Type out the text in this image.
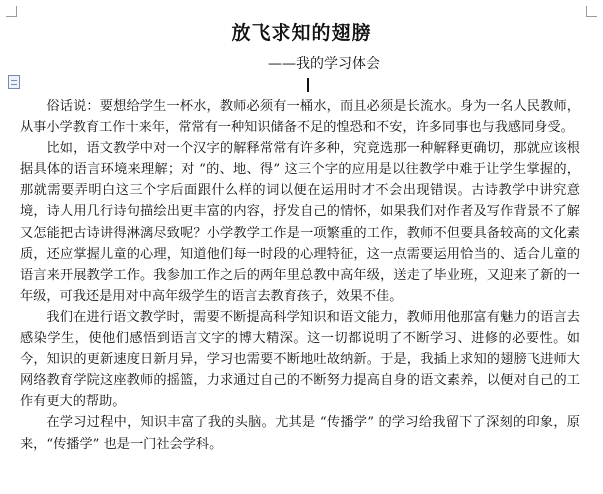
放飞求知的翅膀
——我的学习体会

俗话说：要想给学生一杯水，教师必须有一桶水，而且必须是长流水。身为一名人民教师，从事小学教育工作十来年，常常有一种知识储备不足的惶恐和不安，许多同事也与我感同身受。

比如，语文教学中对一个汉字的解释常常有许多种，究竟选那一种解释更确切，那就应该根据具体的语言环境来理解；对 “的、地、得” 这三个字的应用是以往教学中难于让学生掌握的，那就需要弄明白这三个字后面跟什么样的词以便在运用时才不会出现错误。古诗教学中讲究意境，诗人用几行诗句描绘出更丰富的内容，抒发自己的情怀，如果我们对作者及写作背景不了解又怎能把古诗讲得淋漓尽致呢？小学教学工作是一项繁重的工作，教师不但要具备较高的文化素质，还应掌握儿童的心理，知道他们每一时段的心理特征，这一点需要运用恰当的、适合儿童的语言来开展教学工作。我参加工作之后的两年里总教中高年级，送走了毕业班，又迎来了新的一年级，可我还是用对中高年级学生的语言去教育孩子，效果不佳。

我们在进行语文教学时，需要不断提高科学知识和语文能力，教师用他那富有魅力的语言去感染学生，使他们感悟到语言文字的博大精深。这一切都说明了不断学习、进修的必要性。如今，知识的更新速度日新月异，学习也需要不断地吐故纳新。于是，我插上求知的翅膀飞进师大网络教育学院这座教师的摇篮，力求通过自己的不断努力提高自身的语文素养，以便对自己的工作有更大的帮助。

在学习过程中，知识丰富了我的头脑。尤其是 “传播学” 的学习给我留下了深刻的印象，原来，“传播学” 也是一门社会学科。
